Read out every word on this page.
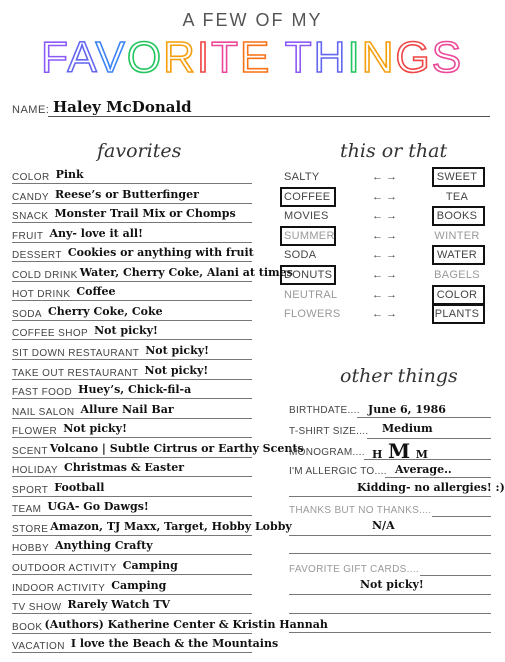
A FEW OF MY
FAVORITE THINGS
NAME: Haley McDonald
favorites	this or that
other things
COLOR Pink
CANDY Reese’s or Butterfinger
SNACK Monster Trail Mix or Chomps
FRUIT Any- love it all!
DESSERT Cookies or anything with fruit
COLD DRINK Water, Cherry Coke, Alani at times
HOT DRINK Coffee
SODA Cherry Coke, Coke
COFFEE SHOP Not picky!
SIT DOWN RESTAURANT Not picky!
TAKE OUT RESTAURANT Not picky!
FAST FOOD Huey’s, Chick-fil-a
NAIL SALON Allure Nail Bar
FLOWER Not picky!
SCENT Volcano | Subtle Cirtrus or Earthy Scents
HOLIDAY Christmas & Easter
SPORT Football
TEAM UGA- Go Dawgs!
STORE Amazon, TJ Maxx, Target, Hobby Lobby
HOBBY Anything Crafty
OUTDOOR ACTIVITY Camping
INDOOR ACTIVITY Camping
TV SHOW Rarely Watch TV
BOOK (Authors) Katherine Center & Kristin Hannah
VACATION I love the Beach & the Mountains
SALTY	← →	SWEET
COFFEE	← →	TEA
MOVIES	← →	BOOKS
SUMMER	← →	WINTER
SODA	← →	WATER
DONUTS	← →	BAGELS
NEUTRAL	← →	COLOR
FLOWERS	← →	PLANTS
BIRTHDATE.... June 6, 1986
T-SHIRT SIZE.... Medium
MONOGRAM.... H M M
I'M ALLERGIC TO.... Average..
Kidding- no allergies! :)
THANKS BUT NO THANKS....
N/A
FAVORITE GIFT CARDS....
Not picky!
